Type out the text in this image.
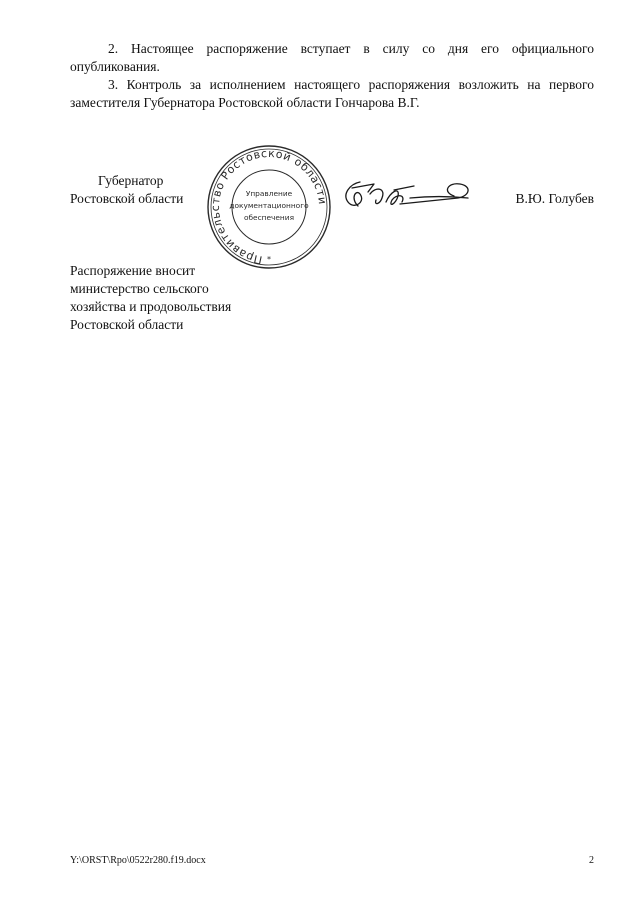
2. Настоящее распоряжение вступает в силу со дня его официального опубликования.

3. Контроль за исполнением настоящего распоряжения возложить на первого заместителя Губернатора Ростовской области Гончарова В.Г.

Губернатор
Ростовской области
Правительство Ростовской области
Управление
документационного
обеспечения
*
В.Ю. Голубев
Распоряжение вносит
министерство сельского
хозяйства и продовольствия
Ростовской области
Y:\ORST\Rpo\0522r280.f19.docx	2
